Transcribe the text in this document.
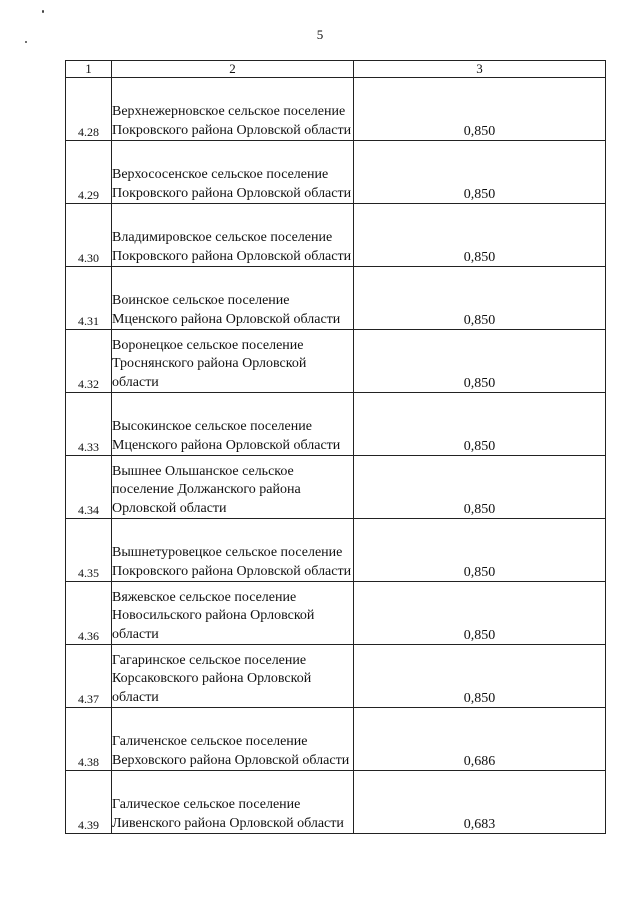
5
1	2	3
4.28	Верхнежерновское сельское поселение Покровского района Орловской области	0,850
4.29	Верхососенское сельское поселение Покровского района Орловской области	0,850
4.30	Владимировское сельское поселение Покровского района Орловской области	0,850
4.31	Воинское сельское поселение Мценского района Орловской области	0,850
4.32	Воронецкое сельское поселение Троснянского района Орловской области	0,850
4.33	Высокинское сельское поселение Мценского района Орловской области	0,850
4.34	Вышнее Ольшанское сельское поселение Должанского района Орловской области	0,850
4.35	Вышнетуровецкое сельское поселение Покровского района Орловской области	0,850
4.36	Вяжевское сельское поселение Новосильского района Орловской области	0,850
4.37	Гагаринское сельское поселение Корсаковского района Орловской области	0,850
4.38	Галиченское сельское поселение Верховского района Орловской области	0,686
4.39	Галическое сельское поселение Ливенского района Орловской области	0,683
